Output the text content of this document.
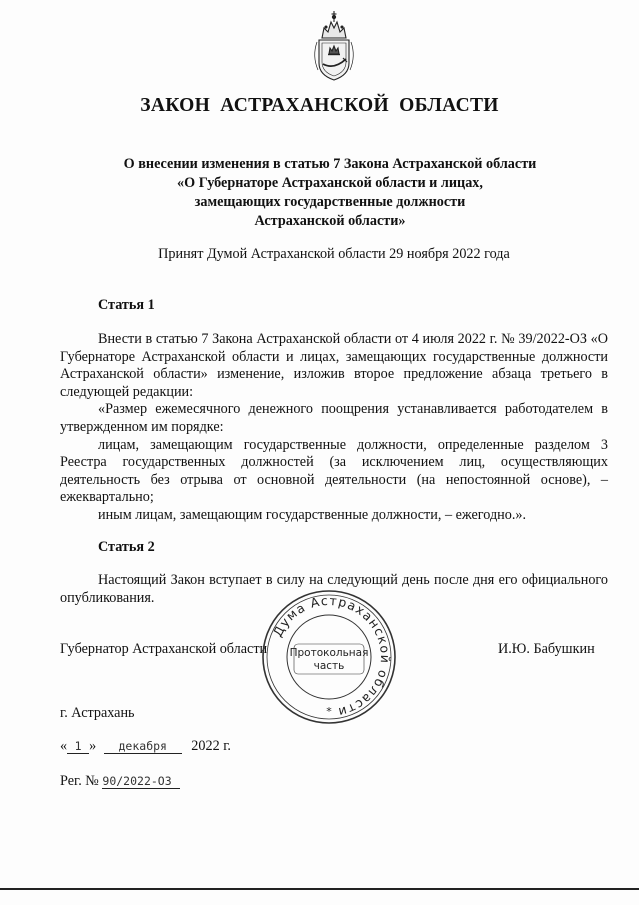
ЗАКОН АСТРАХАНСКОЙ ОБЛАСТИ
О внесении изменения в статью 7 Закона Астраханской области
«О Губернаторе Астраханской области и лицах,
замещающих государственные должности
Астраханской области»
Принят Думой Астраханской области 29 ноября 2022 года
Статья 1

Внести в статью 7 Закона Астраханской области от 4 июля 2022 г. № 39/2022-ОЗ «О Губернаторе Астраханской области и лицах, замещающих государственные должности Астраханской области» изменение, изложив второе предложение абзаца третьего в следующей редакции:

«Размер ежемесячного денежного поощрения устанавливается работодателем в утвержденном им порядке:

лицам, замещающим государственные должности, определенные разделом 3 Реестра государственных должностей (за исключением лиц, осуществляющих деятельность без отрыва от основной деятельности (на непостоянной основе), – ежеквартально;

иным лицам, замещающим государственные должности, – ежегодно.».

Статья 2

Настоящий Закон вступает в силу на следующий день после дня его официального опубликования.

Губернатор Астраханской области	И.Ю. Бабушкин
Дума Астраханской области
Протокольная
часть
*
г. Астрахань
« 1 » декабря 2022 г.
Рег. № 90/2022-ОЗ
